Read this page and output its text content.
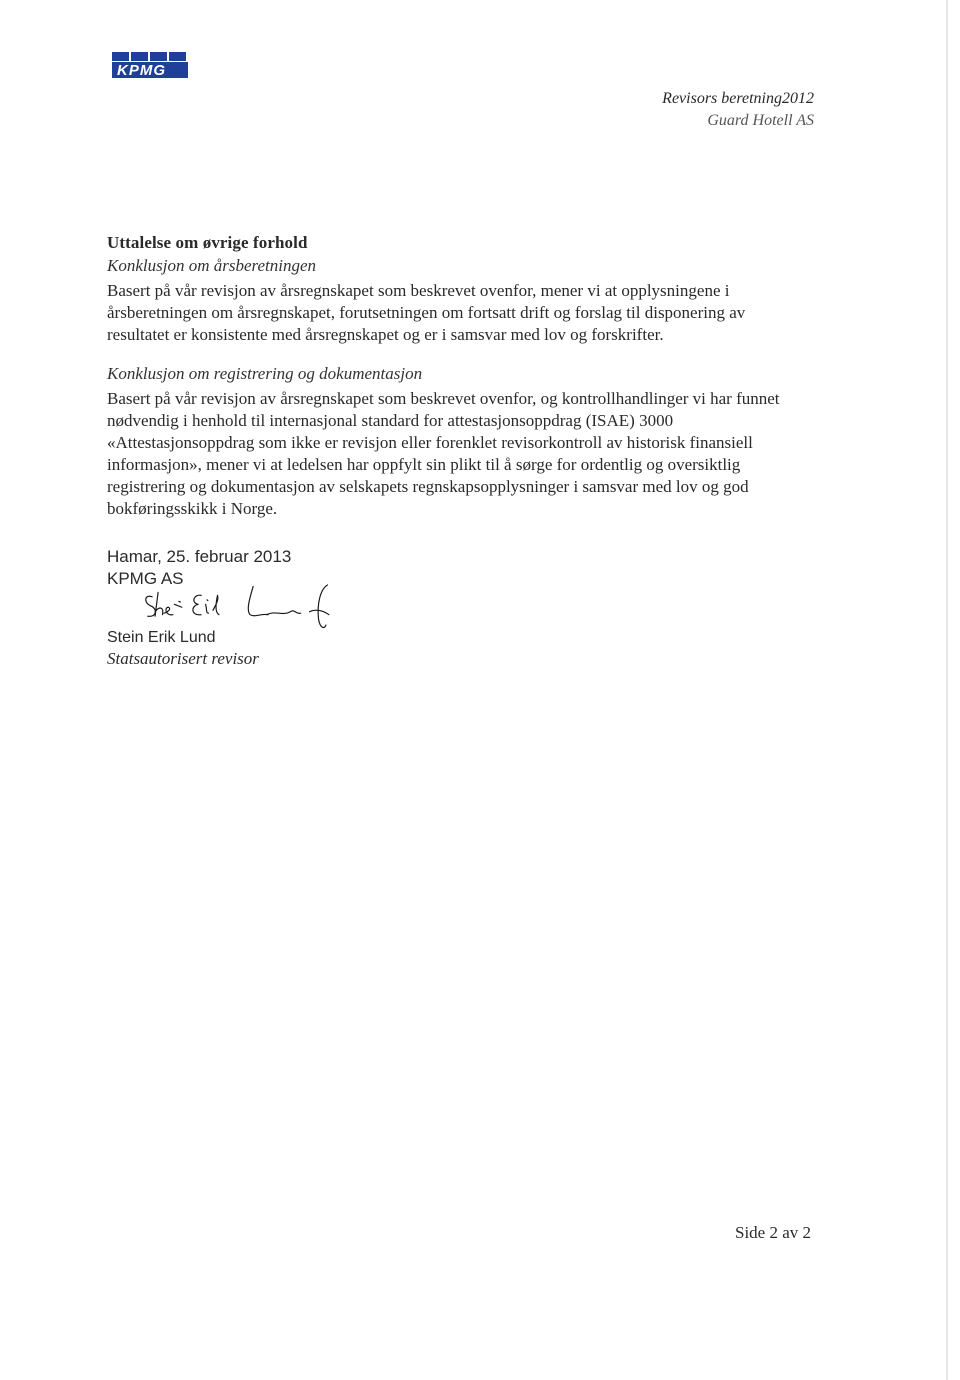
KPMG
Revisors beretning2012
Guard Hotell AS
Uttalelse om øvrige forhold
Konklusjon om årsberetningen

Basert på vår revisjon av årsregnskapet som beskrevet ovenfor, mener vi at opplysningene i årsberetningen om årsregnskapet, forutsetningen om fortsatt drift og forslag til disponering av resultatet er konsistente med årsregnskapet og er i samsvar med lov og forskrifter.

Konklusjon om registrering og dokumentasjon

Basert på vår revisjon av årsregnskapet som beskrevet ovenfor, og kontrollhandlinger vi har funnet nødvendig i henhold til internasjonal standard for attestasjonsoppdrag (ISAE) 3000 «Attestasjonsoppdrag som ikke er revisjon eller forenklet revisorkontroll av historisk finansiell informasjon», mener vi at ledelsen har oppfylt sin plikt til å sørge for ordentlig og oversiktlig registrering og dokumentasjon av selskapets regnskapsopplysninger i samsvar med lov og god bokføringsskikk i Norge.

Hamar, 25. februar 2013
KPMG AS
Stein Erik Lund
Statsautorisert revisor
Side 2 av 2
